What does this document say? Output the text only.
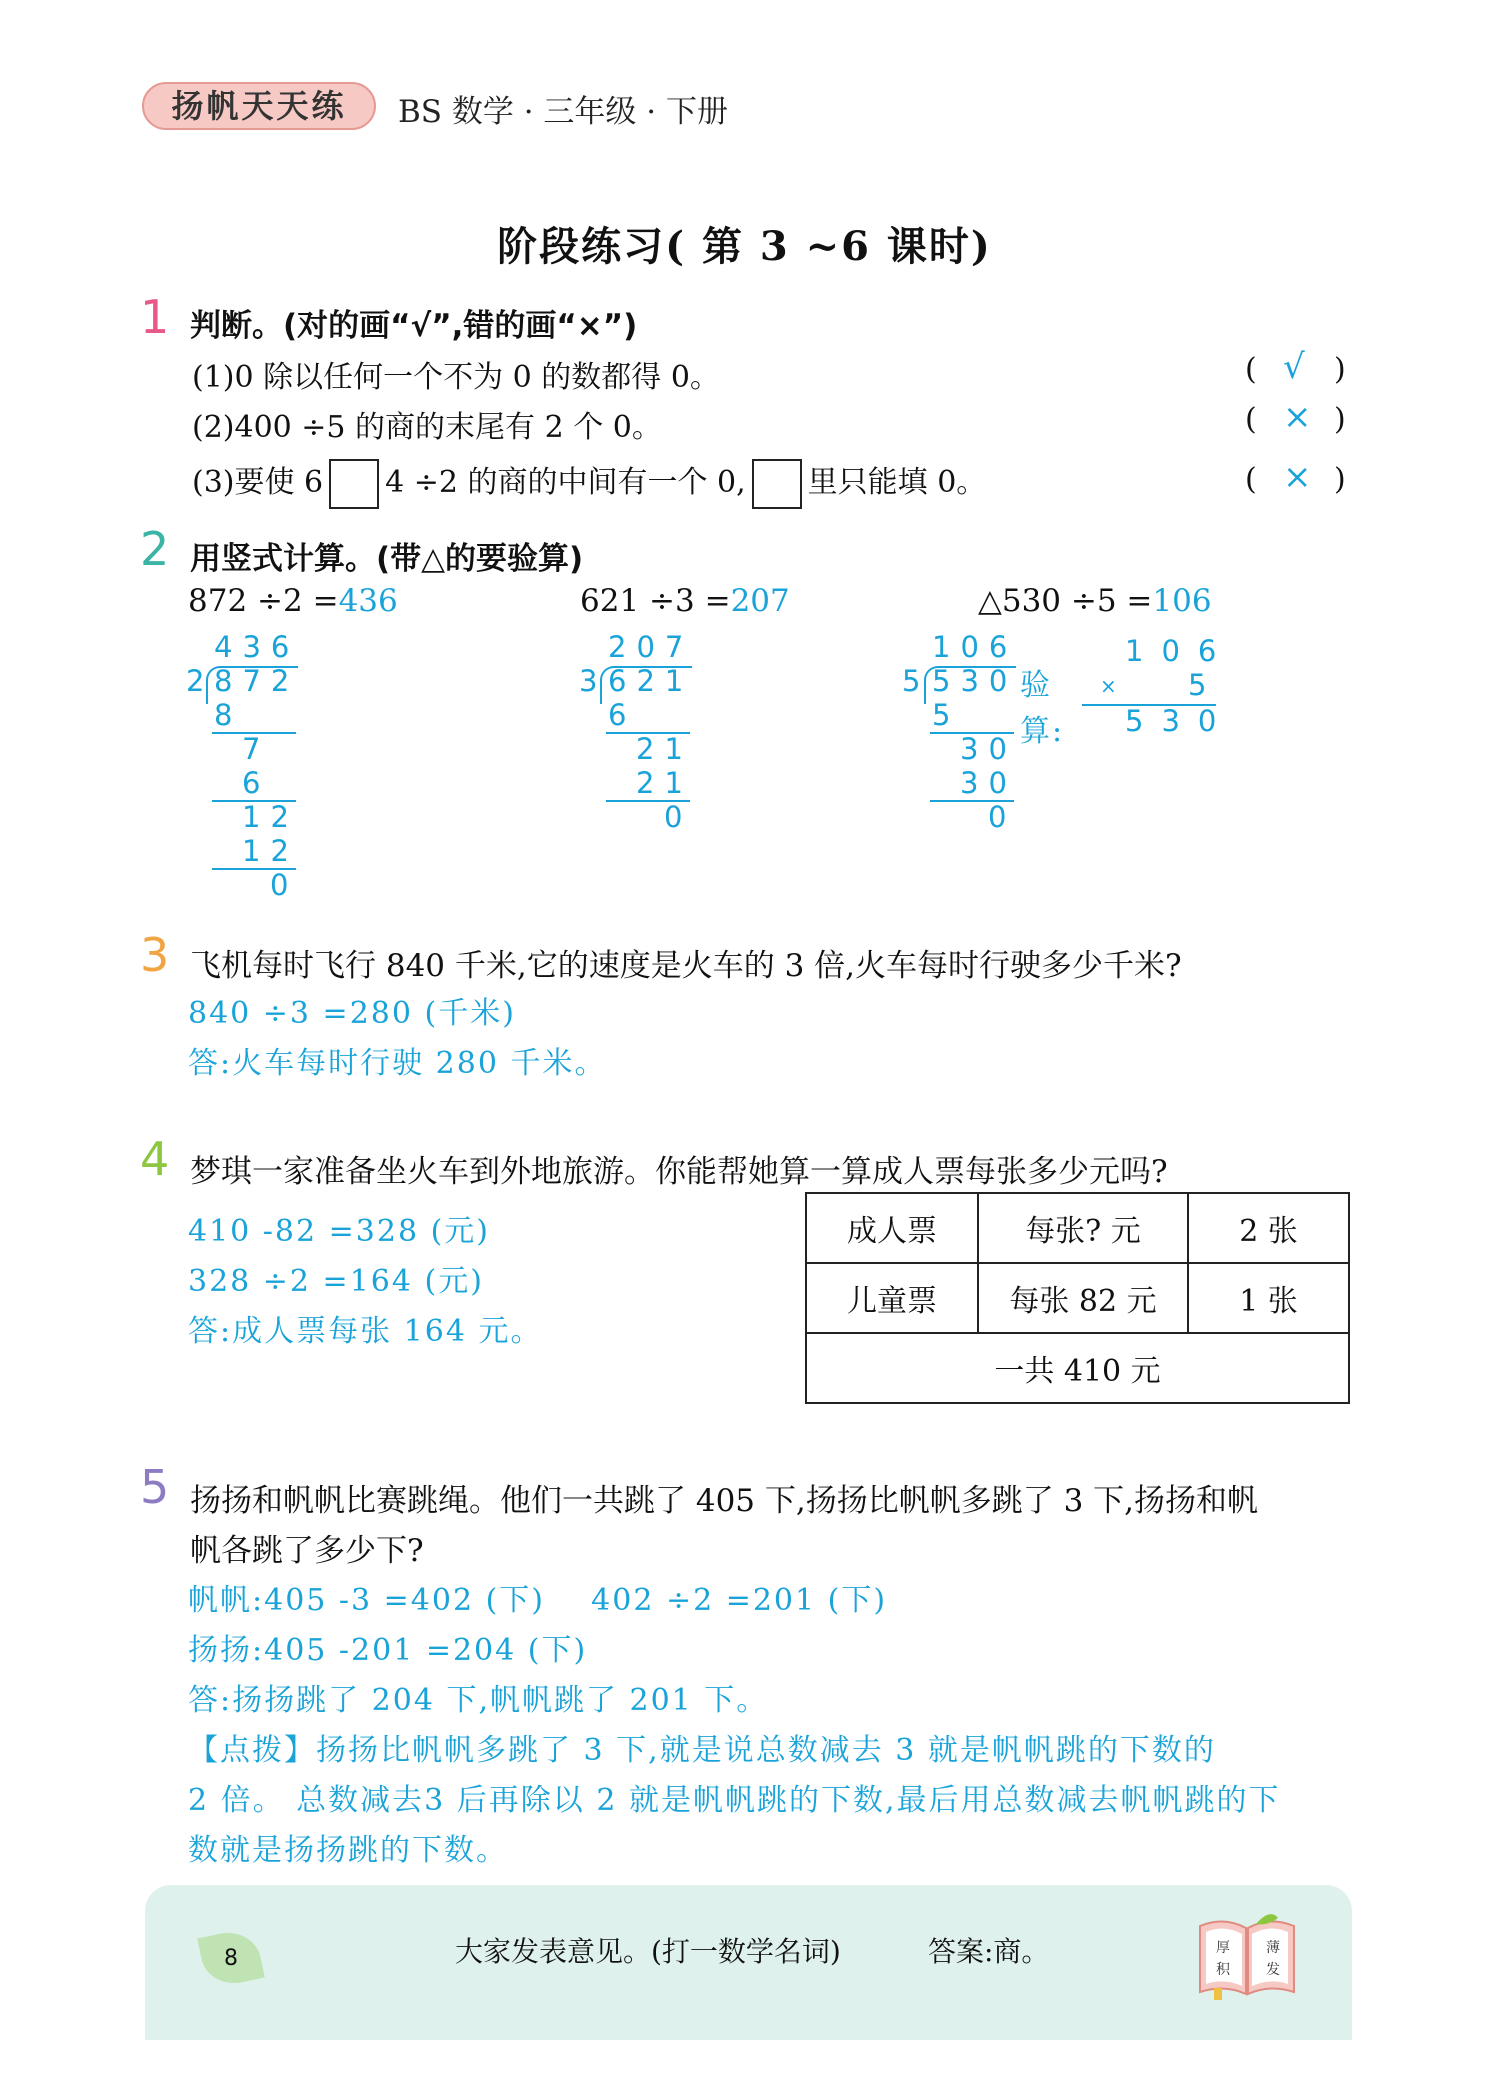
扬帆天天练	BS 数学 · 三年级 · 下册
阶段练习( 第 3 ~6 课时)
1 判断。(对的画“√”,错的画“×”)
(1)0 除以任何一个不为 0 的数都得 0。	( √ )
(2)400 ÷5 的商的末尾有 2 个 0。	( × )
(3)要使 6 4 ÷2 的商的中间有一个 0, 里只能填 0。	( × )
2 用竖式计算。(带△的要验算)
872 ÷2 =436	621 ÷3 =207	△530 ÷5 =106
436
2 872
8
7
6
12
12
0
207
3 621
6
21
21
0
106
5 530
5
30
30
0
验
算:
106
× 5
530
3 飞机每时飞行 840 千米,它的速度是火车的 3 倍,火车每时行驶多少千米?
840 ÷3 =280 (千米)
答:火车每时行驶 280 千米。
4 梦琪一家准备坐火车到外地旅游。你能帮她算一算成人票每张多少元吗?
410 -82 =328 (元)
328 ÷2 =164 (元)
答:成人票每张 164 元。
成人票	每张? 元	2 张
儿童票	每张 82 元	1 张
一共 410 元		
5 扬扬和帆帆比赛跳绳。他们一共跳了 405 下,扬扬比帆帆多跳了 3 下,扬扬和帆
帆各跳了多少下?
帆帆:405 -3 =402 (下)    402 ÷2 =201 (下)
扬扬:405 -201 =204 (下)
答:扬扬跳了 204 下,帆帆跳了 201 下。
【点拨】扬扬比帆帆多跳了 3 下,就是说总数减去 3 就是帆帆跳的下数的
2 倍。 总数减去3 后再除以 2 就是帆帆跳的下数,最后用总数减去帆帆跳的下
数就是扬扬跳的下数。
8	大家发表意见。(打一数学名词)	答案:商。	厚	薄
积	发
